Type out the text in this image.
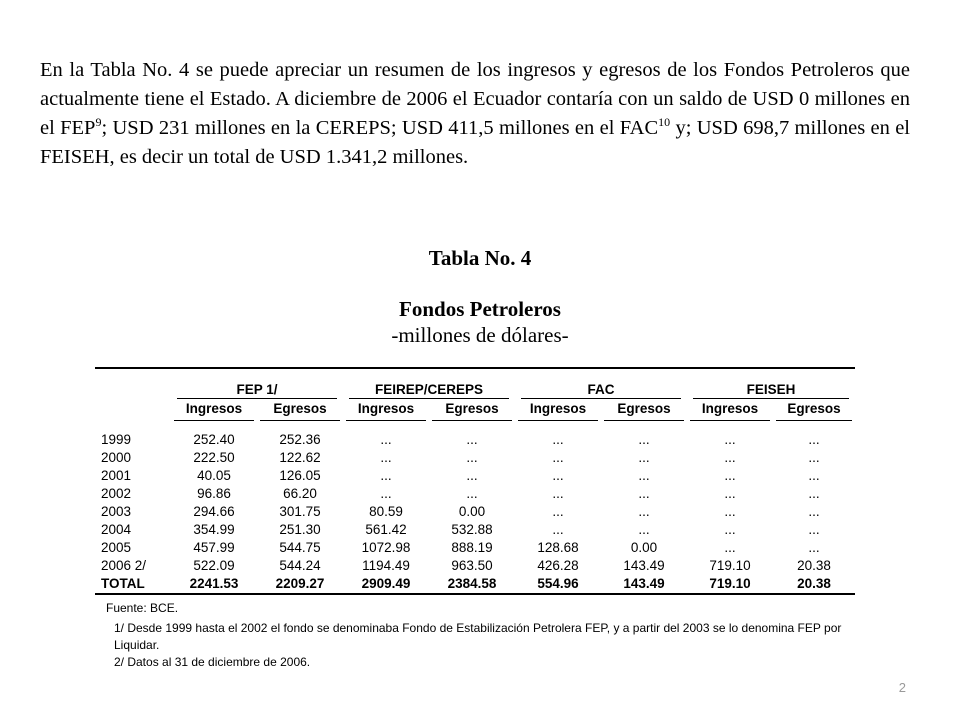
En la Tabla No. 4 se puede apreciar un resumen de los ingresos y egresos de los Fondos Petroleros que actualmente tiene el Estado. A diciembre de 2006 el Ecuador contaría con un saldo de USD 0 millones en el FEP$^9$; USD 231 millones en la CEREPS; USD 411,5 millones en el FAC$^{10}$ y; USD 698,7 millones en el FEISEH, es decir un total de USD 1.341,2 millones.

Tabla No. 4
Fondos Petroleros
-millones de dólares-

	FEP 1/		FEIREP/CEREPS		FAC		FEISEH	

	Ingresos	Egresos	Ingresos	Egresos	Ingresos	Egresos	Ingresos	Egresos

1999	252.40	252.36	...	...	...	...	...	...
2000	222.50	122.62	...	...	...	...	...	...
2001	40.05	126.05	...	...	...	...	...	...
2002	96.86	66.20	...	...	...	...	...	...
2003	294.66	301.75	80.59	0.00	...	...	...	...
2004	354.99	251.30	561.42	532.88	...	...	...	...
2005	457.99	544.75	1072.98	888.19	128.68	0.00	...	...
2006 2/	522.09	544.24	1194.49	963.50	426.28	143.49	719.10	20.38
TOTAL	2241.53	2209.27	2909.49	2384.58	554.96	143.49	719.10	20.38

Fuente: BCE.

1/ Desde 1999 hasta el 2002 el fondo se denominaba Fondo de Estabilización Petrolera FEP, y a partir del 2003 se lo denomina FEP por Liquidar.

2/ Datos al 31 de diciembre de 2006.

2
